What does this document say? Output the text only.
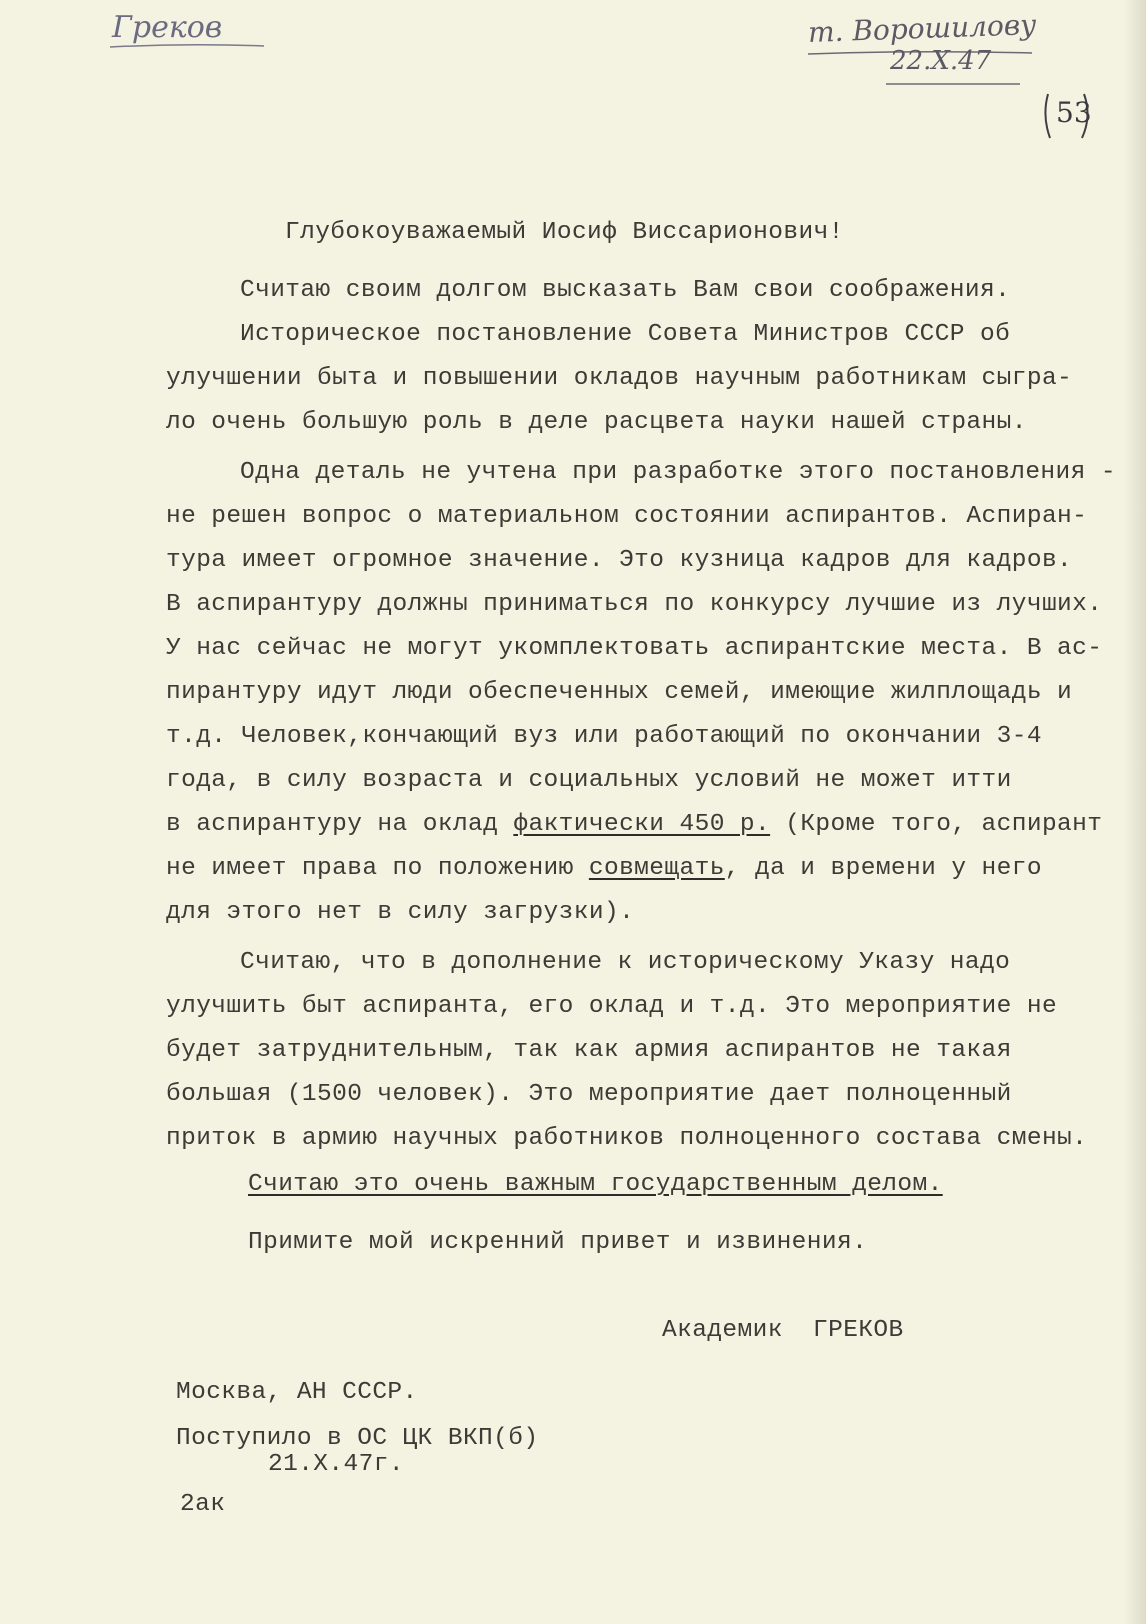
Греков	т. Ворошилову
22.X.47
53
Глубокоуважаемый Иосиф Виссарионович!
Считаю своим долгом высказать Вам свои соображения.
Историческое постановление Совета Министров СССР об
улучшении быта и повышении окладов научным работникам сыгра-
ло очень большую роль в деле расцвета науки нашей страны.
Одна деталь не учтена при разработке этого постановления -
не решен вопрос о материальном состоянии аспирантов. Аспиран-
тура имеет огромное значение. Это кузница кадров для кадров.
В аспирантуру должны приниматься по конкурсу лучшие из лучших.
У нас сейчас не могут укомплектовать аспирантские места. В ас-
пирантуру идут люди обеспеченных семей, имеющие жилплощадь и
т.д. Человек,кончающий вуз или работающий по окончании 3-4
года, в силу возраста и социальных условий не может итти
в аспирантуру на оклад фактически 450 р. (Кроме того, аспирант
не имеет права по положению совмещать, да и времени у него
для этого нет в силу загрузки).
Считаю, что в дополнение к историческому Указу надо
улучшить быт аспиранта, его оклад и т.д. Это мероприятие не
будет затруднительным, так как армия аспирантов не такая
большая (1500 человек). Это мероприятие дает полноценный
приток в армию научных работников полноценного состава смены.
Считаю это очень важным государственным делом.
Примите мой искренний привет и извинения.
Академик  ГРЕКОВ
Москва, АН СССР.
Поступило в ОС ЦК ВКП(б)
21.X.47г.
2ак
